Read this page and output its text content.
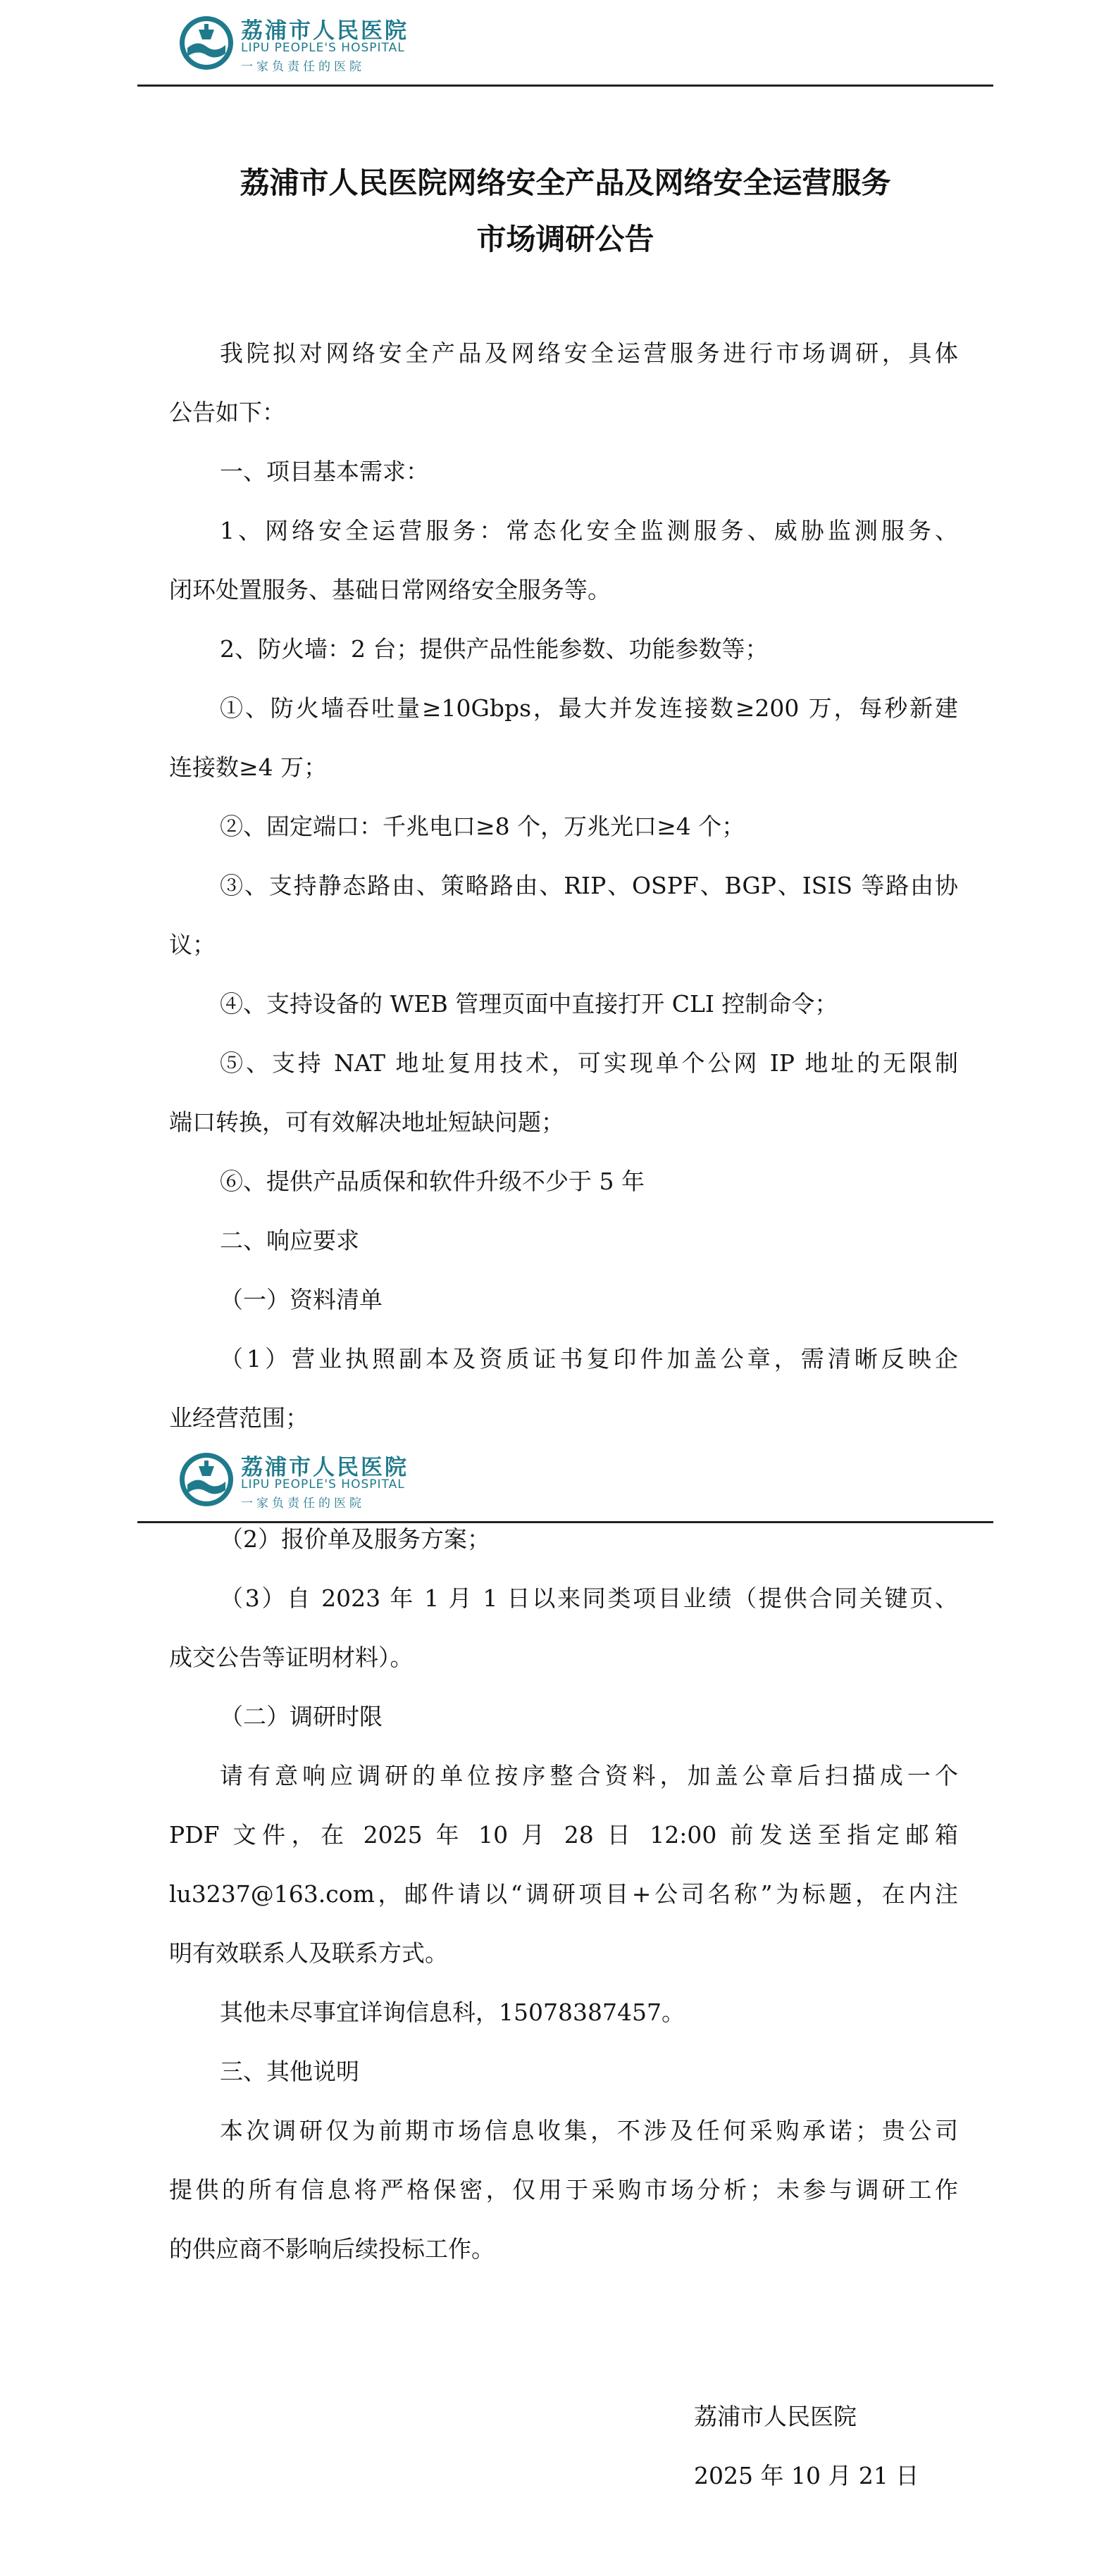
荔浦市人民医院
LIPU PEOPLE'S HOSPITAL
一家负责任的医院
荔浦市人民医院网络安全产品及网络安全运营服务
市场调研公告
我院拟对网络安全产品及网络安全运营服务进行市场调研，具体
公告如下：
一、项目基本需求：
1、网络安全运营服务：常态化安全监测服务、威胁监测服务、
闭环处置服务、基础日常网络安全服务等。
2、防火墙：2 台；提供产品性能参数、功能参数等；
①、防火墙吞吐量≥10Gbps，最大并发连接数≥200 万，每秒新建
连接数≥4 万；
②、固定端口：千兆电口≥8 个，万兆光口≥4 个；
③、支持静态路由、策略路由、RIP、OSPF、BGP、ISIS 等路由协
议；
④、支持设备的 WEB 管理页面中直接打开 CLI 控制命令；
⑤、支持 NAT 地址复用技术，可实现单个公网 IP 地址的无限制
端口转换，可有效解决地址短缺问题；
⑥、提供产品质保和软件升级不少于 5 年
二、响应要求
（一）资料清单
（1）营业执照副本及资质证书复印件加盖公章，需清晰反映企
业经营范围；
荔浦市人民医院
LIPU PEOPLE'S HOSPITAL
一家负责任的医院
（2）报价单及服务方案；
（3）自 2023 年 1 月 1 日以来同类项目业绩（提供合同关键页、
成交公告等证明材料）。
（二）调研时限
请有意响应调研的单位按序整合资料，加盖公章后扫描成一个
PDF 文件，在 2025 年 10 月 28 日 12:00 前发送至指定邮箱
lu3237@163.com，邮件请以“调研项目+公司名称”为标题，在内注
明有效联系人及联系方式。
其他未尽事宜详询信息科，15078387457。
三、其他说明
本次调研仅为前期市场信息收集，不涉及任何采购承诺；贵公司
提供的所有信息将严格保密，仅用于采购市场分析；未参与调研工作
的供应商不影响后续投标工作。
荔浦市人民医院
2025 年 10 月 21 日
